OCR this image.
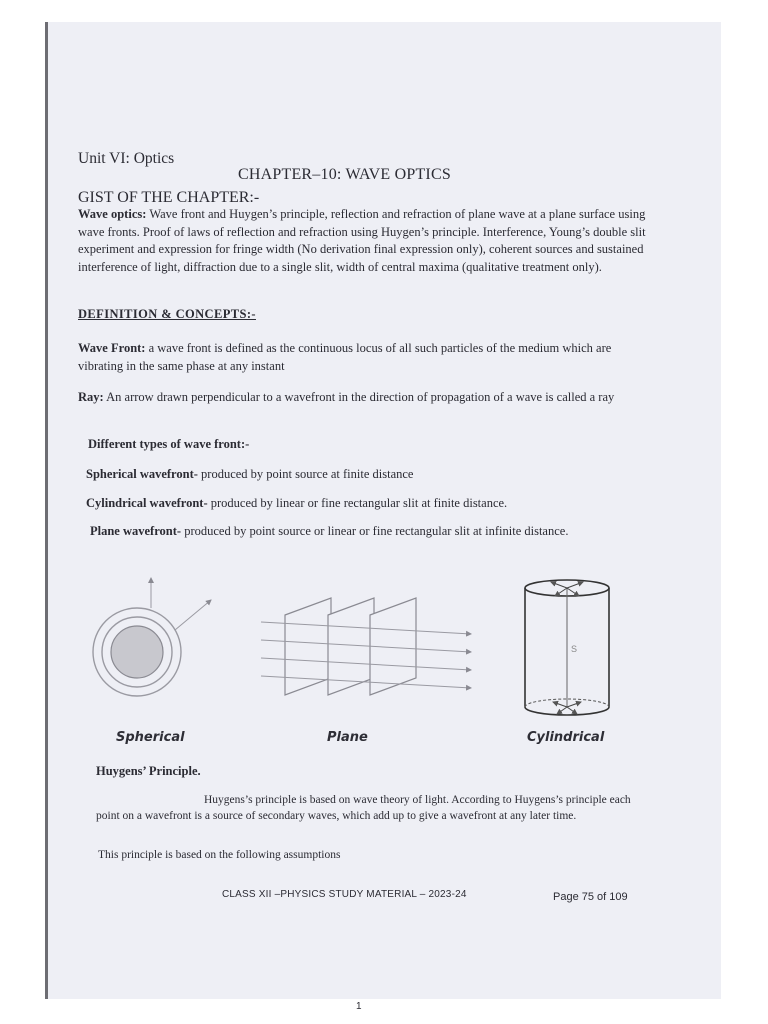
Unit VI: Optics
CHAPTER–10: WAVE OPTICS
GIST OF THE CHAPTER:-
Wave optics: Wave front and Huygen’s principle, reflection and refraction of plane wave at a plane surface using wave fronts. Proof of laws of reflection and refraction using Huygen’s principle. Interference, Young’s double slit experiment and expression for fringe width (No derivation final expression only), coherent sources and sustained interference of light, diffraction due to a single slit, width of central maxima (qualitative treatment only).
DEFINITION & CONCEPTS:-
Wave Front: a wave front is defined as the continuous locus of all such particles of the medium which are vibrating in the same phase at any instant
Ray: An arrow drawn perpendicular to a wavefront in the direction of propagation of a wave is called a ray
Different types of wave front:-
Spherical wavefront- produced by point source at finite distance
Cylindrical wavefront- produced by linear or fine rectangular slit at finite distance.
Plane wavefront- produced by point source or linear or fine rectangular slit at infinite distance.
S
Spherical	Plane	Cylindrical
Huygens’ Principle.
Huygens’s principle is based on wave theory of light. According to Huygens’s principle each point on a wavefront is a source of secondary waves, which add up to give a wavefront at any later time.
This principle is based on the following assumptions
CLASS XII –PHYSICS STUDY MATERIAL – 2023-24	Page 75 of 109
1
